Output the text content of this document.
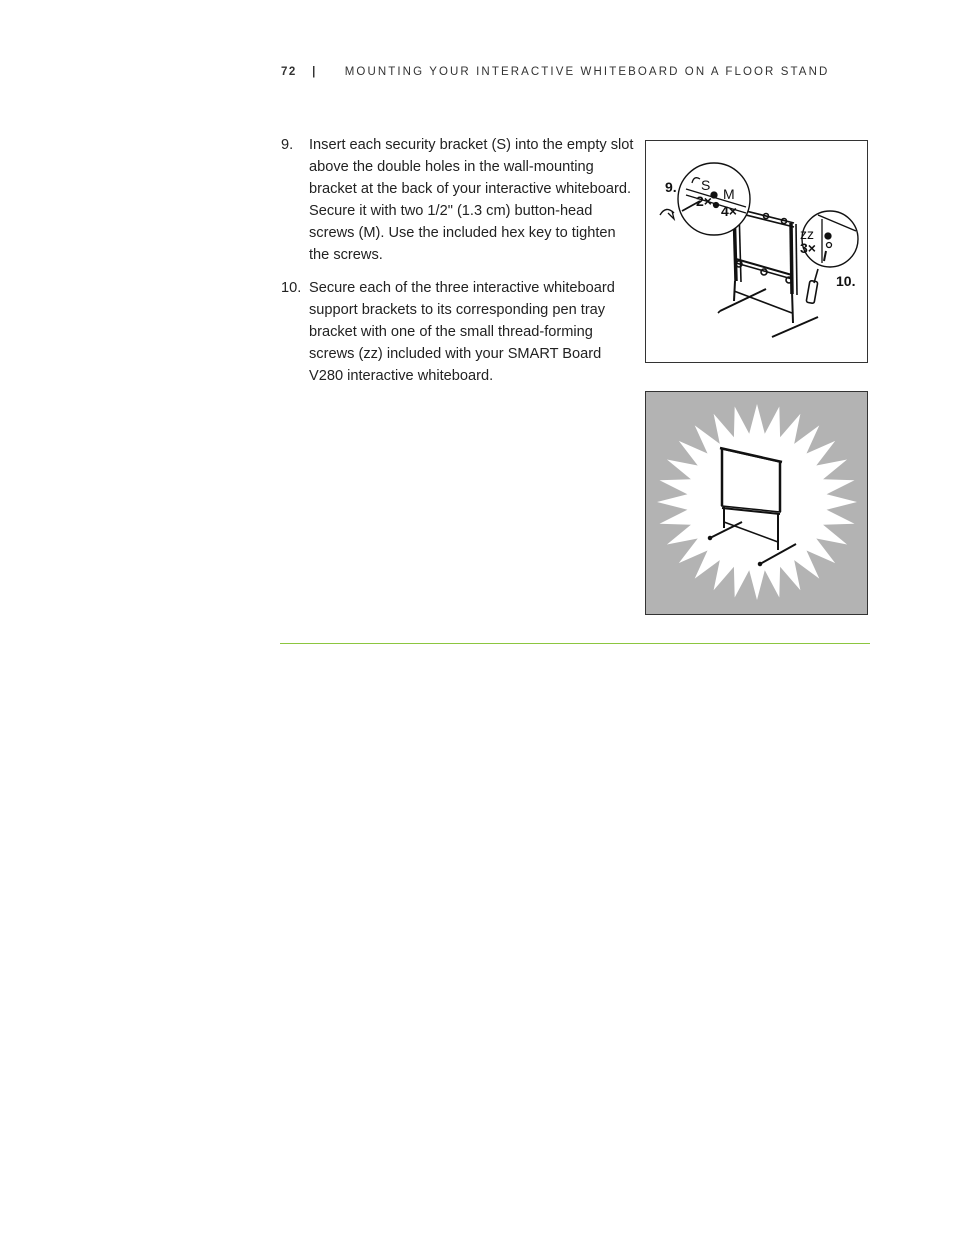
72 | MOUNTING YOUR INTERACTIVE WHITEBOARD ON A FLOOR STAND
9. Insert each security bracket (S) into the empty slot above the double holes in the wall-mounting bracket at the back of your interactive whiteboard. Secure it with two 1/2" (1.3 cm) button-head screws (M). Use the included hex key to tighten the screws.
10. Secure each of the three interactive whiteboard support brackets to its corresponding pen tray bracket with one of the small thread-forming screws (zz) included with your SMART Board V280 interactive whiteboard.
9. S
M
2×
4×
zz
3×
10.
